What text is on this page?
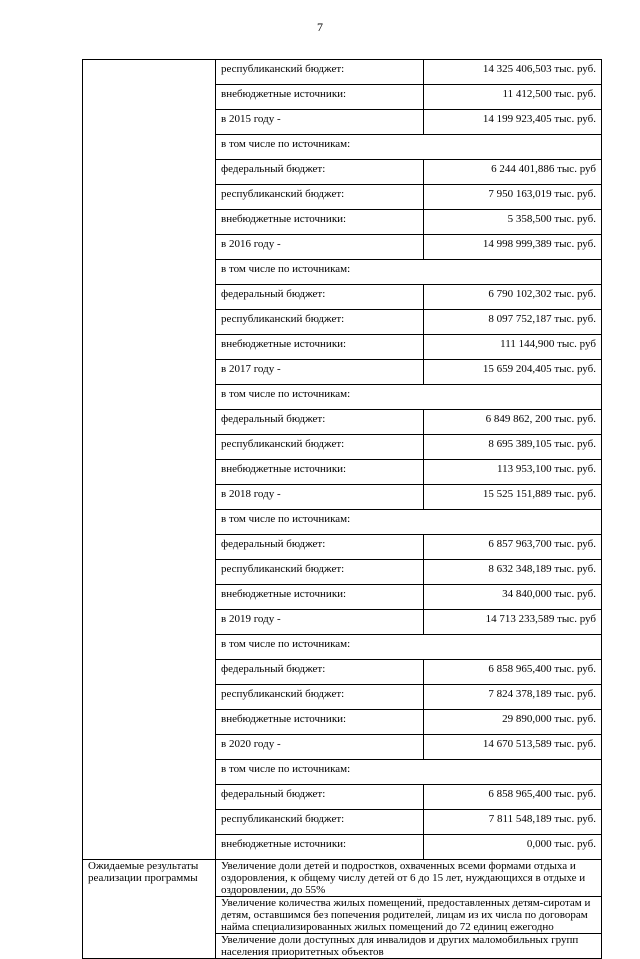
7
	республиканский бюджет:	14 325 406,503 тыс. руб.
	внебюджетные источники:	11 412,500 тыс. руб.
	в 2015 году -	14 199 923,405 тыс. руб.
	в том числе по источникам:	
	федеральный бюджет:	6 244 401,886 тыс. руб
	республиканский бюджет:	7 950 163,019 тыс. руб.
	внебюджетные источники:	5 358,500 тыс. руб.
	в 2016 году -	14 998 999,389 тыс. руб.
	в том числе по источникам:	
	федеральный бюджет:	6 790 102,302 тыс. руб.
	республиканский бюджет:	8 097 752,187 тыс. руб.
	внебюджетные источники:	111 144,900 тыс. руб
	в 2017 году -	15 659 204,405 тыс. руб.
	в том числе по источникам:	
	федеральный бюджет:	6 849 862, 200 тыс. руб.
	республиканский бюджет:	8 695 389,105 тыс. руб.
	внебюджетные источники:	113 953,100 тыс. руб.
	в 2018 году -	15 525 151,889 тыс. руб.
	в том числе по источникам:	
	федеральный бюджет:	6 857 963,700 тыс. руб.
	республиканский бюджет:	8 632 348,189 тыс. руб.
	внебюджетные источники:	34 840,000 тыс. руб.
	в 2019 году -	14 713 233,589 тыс. руб
	в том числе по источникам:	
	федеральный бюджет:	6 858 965,400 тыс. руб.
	республиканский бюджет:	7 824 378,189 тыс. руб.
	внебюджетные источники:	29 890,000 тыс. руб.
	в 2020 году -	14 670 513,589 тыс. руб.
	в том числе по источникам:	
	федеральный бюджет:	6 858 965,400 тыс. руб.
	республиканский бюджет:	7 811 548,189 тыс. руб.
	внебюджетные источники:	0,000 тыс. руб.
Ожидаемые результаты реализации программы	Увеличение доли детей и подростков, охваченных всеми формами отдыха и оздоровления, к общему числу детей от 6 до 15 лет, нуждающихся в отдыхе и оздоровлении, до 55%	
	Увеличение количества жилых помещений, предоставленных детям-сиротам и детям, оставшимся без попечения родителей, лицам из их числа по договорам найма специализированных жилых помещений до 72 единиц ежегодно	
	Увеличение доли доступных для инвалидов и других маломобильных групп населения приоритетных объектов	
